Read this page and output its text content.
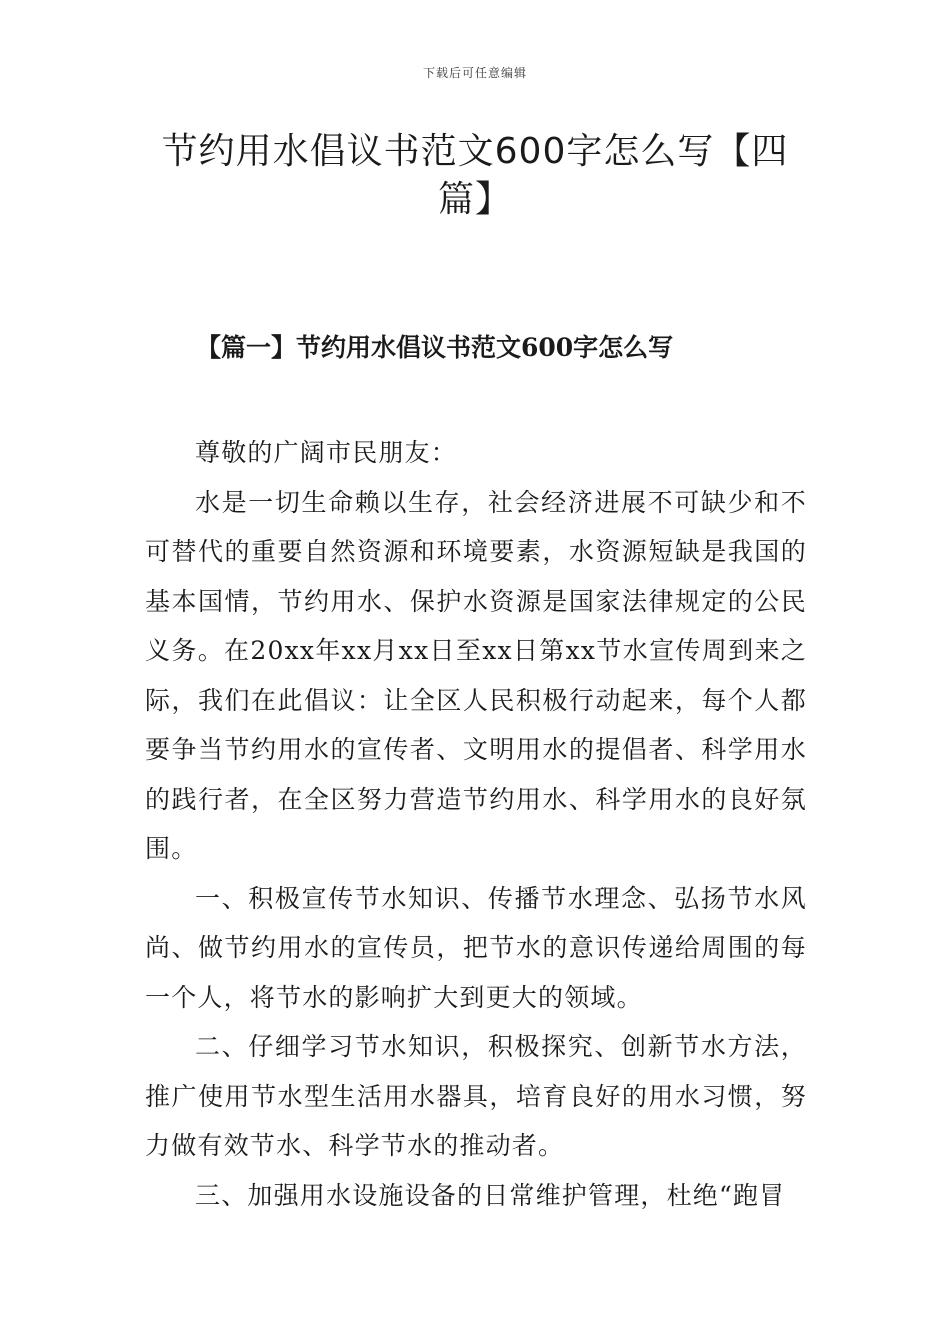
下载后可任意编辑
节约用水倡议书范文600字怎么写【四篇】
【篇一】节约用水倡议书范文600字怎么写

尊敬的广阔市民朋友：

水是一切生命赖以生存，社会经济进展不可缺少和不可替代的重要自然资源和环境要素，水资源短缺是我国的基本国情，节约用水、保护水资源是国家法律规定的公民义务。在20xx年xx月xx日至xx日第xx节水宣传周到来之际，我们在此倡议：让全区人民积极行动起来，每个人都要争当节约用水的宣传者、文明用水的提倡者、科学用水的践行者，在全区努力营造节约用水、科学用水的良好氛围。

一、积极宣传节水知识、传播节水理念、弘扬节水风尚、做节约用水的宣传员，把节水的意识传递给周围的每一个人，将节水的影响扩大到更大的领域。

二、仔细学习节水知识，积极探究、创新节水方法，推广使用节水型生活用水器具，培育良好的用水习惯，努力做有效节水、科学节水的推动者。

三、加强用水设施设备的日常维护管理，杜绝“跑冒
